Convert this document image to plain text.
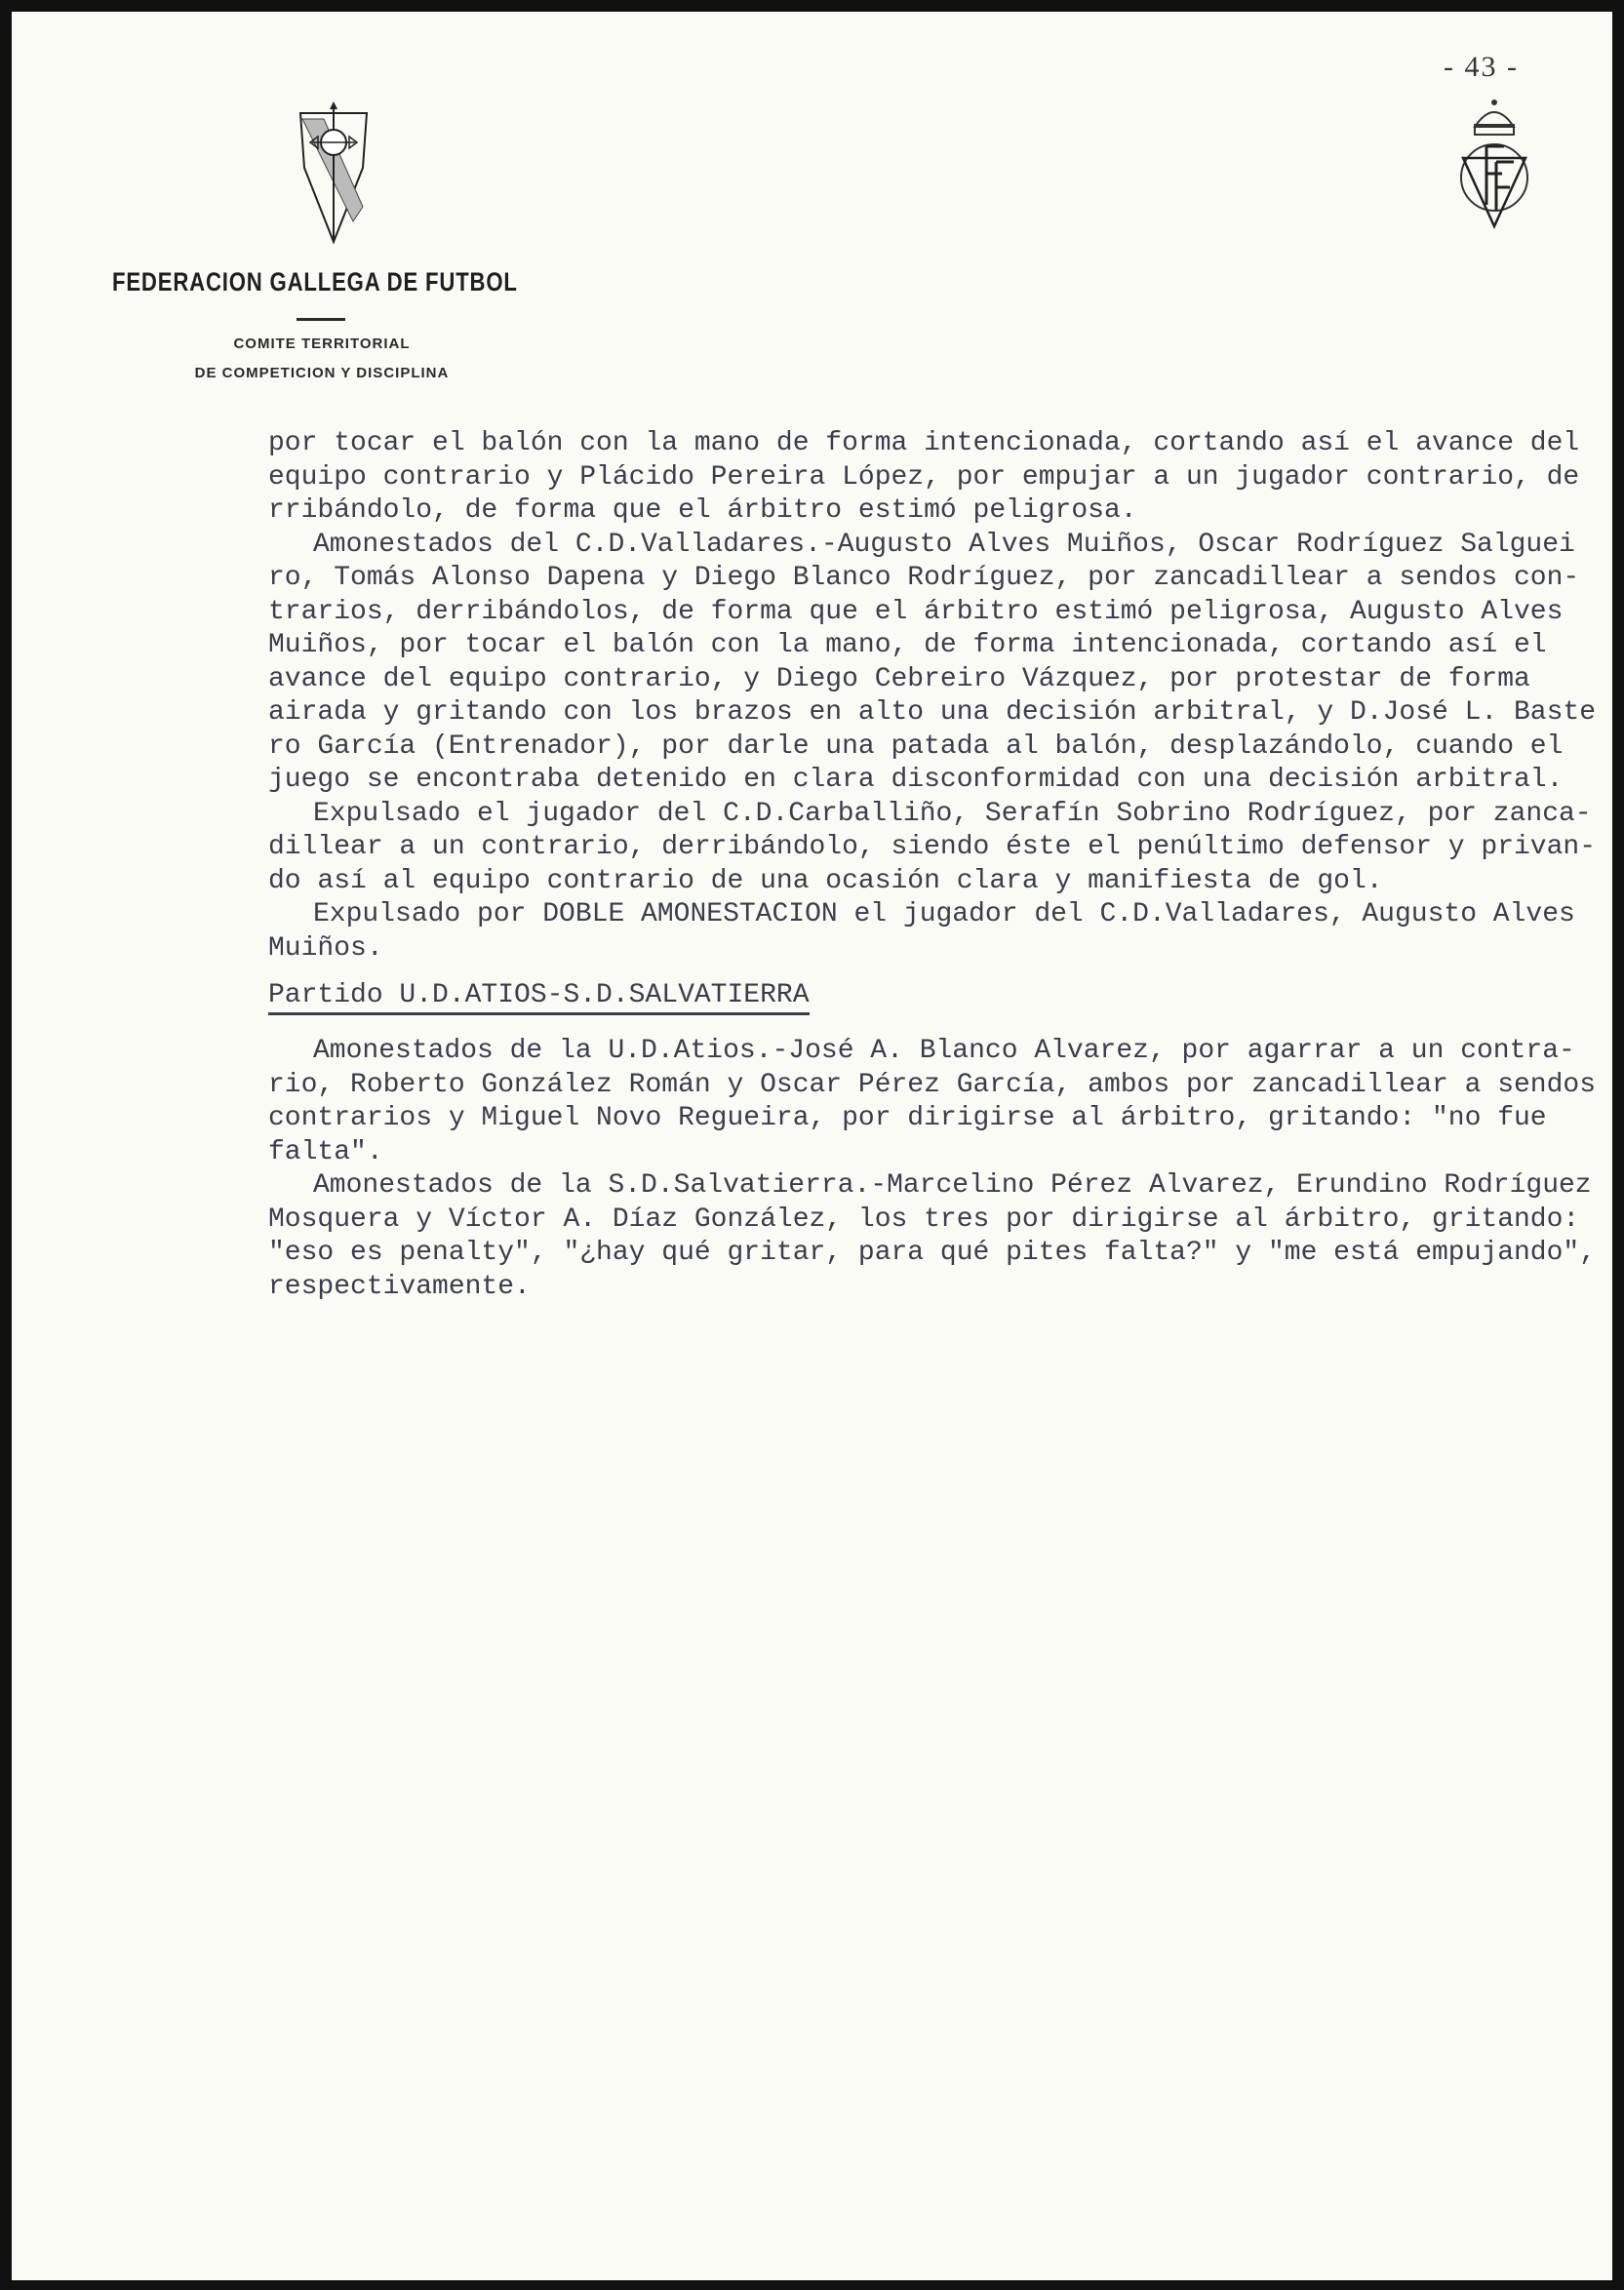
- 43 -
FEDERACION GALLEGA DE FUTBOL
COMITE TERRITORIAL
DE COMPETICION Y DISCIPLINA
por tocar el balón con la mano de forma intencionada, cortando así el avance del
equipo contrario y Plácido Pereira López, por empujar a un jugador contrario, de
rribándolo, de forma que el árbitro estimó peligrosa.
Amonestados del C.D.Valladares.-Augusto Alves Muiños, Oscar Rodríguez Salguei
ro, Tomás Alonso Dapena y Diego Blanco Rodríguez, por zancadillear a sendos con-
trarios, derribándolos, de forma que el árbitro estimó peligrosa, Augusto Alves
Muiños, por tocar el balón con la mano, de forma intencionada, cortando así el
avance del equipo contrario, y Diego Cebreiro Vázquez, por protestar de forma
airada y gritando con los brazos en alto una decisión arbitral, y D.José L. Baste
ro García (Entrenador), por darle una patada al balón, desplazándolo, cuando el
juego se encontraba detenido en clara disconformidad con una decisión arbitral.
Expulsado el jugador del C.D.Carballiño, Serafín Sobrino Rodríguez, por zanca-
dillear a un contrario, derribándolo, siendo éste el penúltimo defensor y privan-
do así al equipo contrario de una ocasión clara y manifiesta de gol.
Expulsado por DOBLE AMONESTACION el jugador del C.D.Valladares, Augusto Alves
Muiños.
Partido U.D.ATIOS-S.D.SALVATIERRA
Amonestados de la U.D.Atios.-José A. Blanco Alvarez, por agarrar a un contra-
rio, Roberto González Román y Oscar Pérez García, ambos por zancadillear a sendos
contrarios y Miguel Novo Regueira, por dirigirse al árbitro, gritando: "no fue
falta".
Amonestados de la S.D.Salvatierra.-Marcelino Pérez Alvarez, Erundino Rodríguez
Mosquera y Víctor A. Díaz González, los tres por dirigirse al árbitro, gritando:
"eso es penalty", "¿hay qué gritar, para qué pites falta?" y "me está empujando",
respectivamente.
